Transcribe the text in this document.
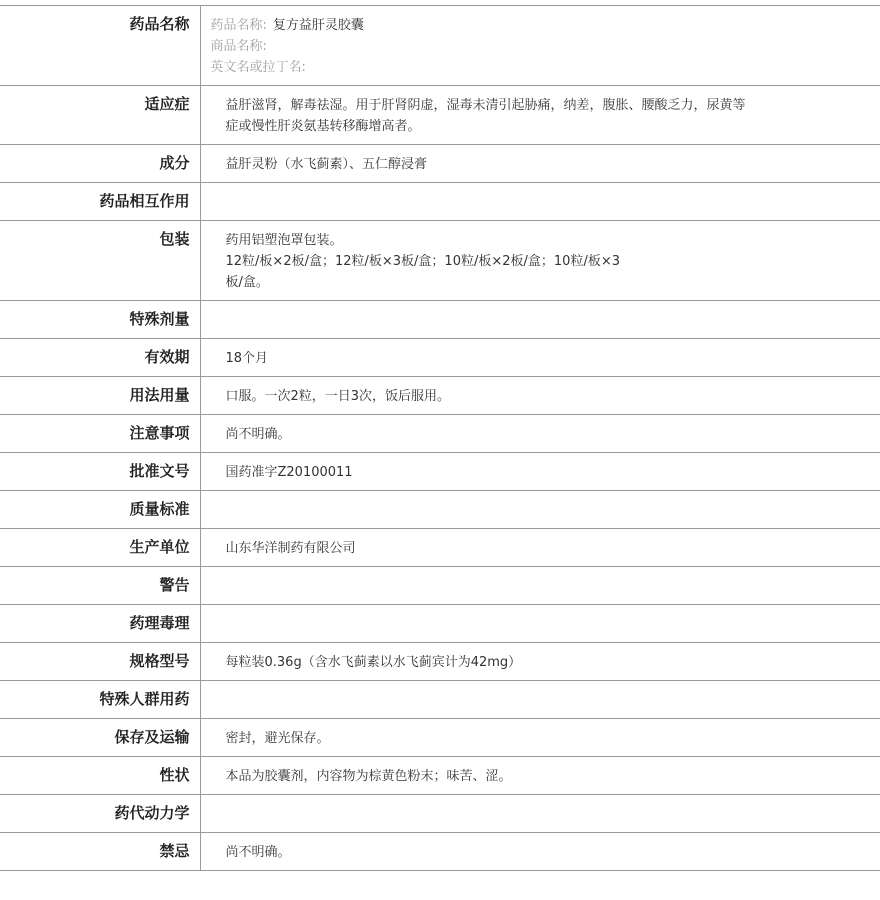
药品名称	药品名称: 复方益肝灵胶囊
商品名称:
英文名或拉丁名:

适应症	益肝滋肾，解毒祛湿。用于肝肾阴虚，湿毒未清引起胁痛，纳差，腹胀、腰酸乏力，尿黄等
症或慢性肝炎氨基转移酶增高者。

成分	益肝灵粉（水飞蓟素）、五仁醇浸膏

药品相互作用	
包装	药用铝塑泡罩包装。
12粒/板×2板/盒；12粒/板×3板/盒；10粒/板×2板/盒；10粒/板×3
板/盒。

特殊剂量	
有效期	18个月

用法用量	口服。一次2粒，一日3次，饭后服用。

注意事项	尚不明确。

批准文号	国药准字Z20100011

质量标准	
生产单位	山东华洋制药有限公司

警告	
药理毒理	
规格型号	每粒装0.36g（含水飞蓟素以水飞蓟宾计为42mg）

特殊人群用药	
保存及运输	密封，避光保存。

性状	本品为胶囊剂，内容物为棕黄色粉末；味苦、涩。

药代动力学	
禁忌	尚不明确。
